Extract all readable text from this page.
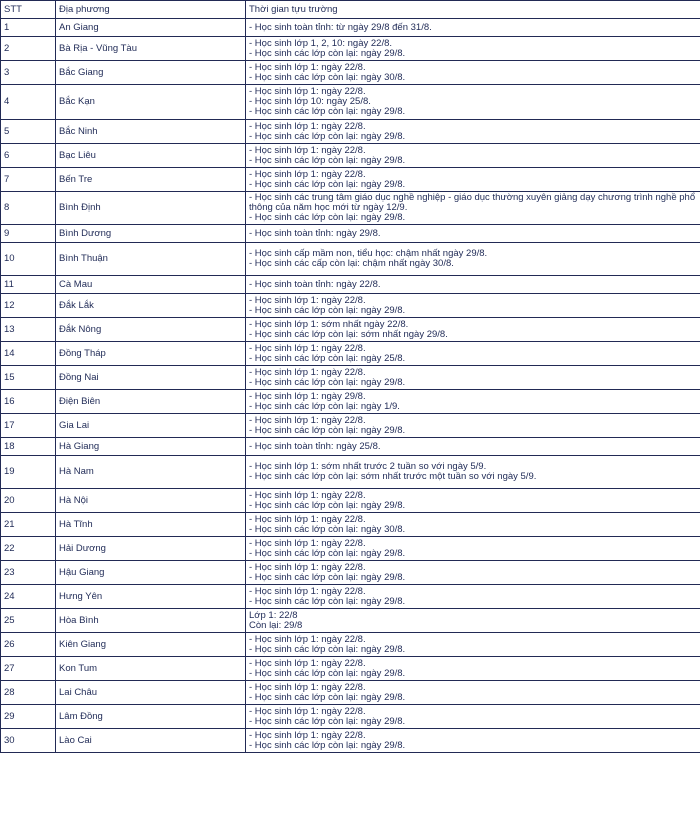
STT	Địa phương	Thời gian tựu trường
1	An Giang	- Học sinh toàn tỉnh: từ ngày 29/8 đến 31/8.
2	Bà Rịa - Vũng Tàu	- Học sinh lớp 1, 2, 10: ngày 22/8.
- Học sinh các lớp còn lại: ngày 29/8.
3	Bắc Giang	- Học sinh lớp 1: ngày 22/8.
- Học sinh các lớp còn lại: ngày 30/8.
4	Bắc Kạn	- Học sinh lớp 1: ngày 22/8.
- Học sinh lớp 10: ngày 25/8.
- Học sinh các lớp còn lại: ngày 29/8.
5	Bắc Ninh	- Học sinh lớp 1: ngày 22/8.
- Học sinh các lớp còn lại: ngày 29/8.
6	Bạc Liêu	- Học sinh lớp 1: ngày 22/8.
- Học sinh các lớp còn lại: ngày 29/8.
7	Bến Tre	- Học sinh lớp 1: ngày 22/8.
- Học sinh các lớp còn lại: ngày 29/8.
8	Bình Định	- Học sinh các trung tâm giáo dục nghề nghiệp - giáo dục thường xuyên giảng dạy chương trình nghề phổ thông của năm học mới từ ngày 12/9.
- Học sinh các lớp còn lại: ngày 29/8.
9	Bình Dương	- Học sinh toàn tỉnh: ngày 29/8.
10	Bình Thuận	- Học sinh cấp mầm non, tiểu học: chậm nhất ngày 29/8.
- Học sinh các cấp còn lại: chậm nhất ngày 30/8.
11	Cà Mau	- Học sinh toàn tỉnh: ngày 22/8.
12	Đắk Lắk	- Học sinh lớp 1: ngày 22/8.
- Học sinh các lớp còn lại: ngày 29/8.
13	Đắk Nông	- Học sinh lớp 1: sớm nhất ngày 22/8.
- Học sinh các lớp còn lại: sớm nhất ngày 29/8.
14	Đồng Tháp	- Học sinh lớp 1: ngày 22/8.
- Học sinh các lớp còn lại: ngày 25/8.
15	Đồng Nai	- Học sinh lớp 1: ngày 22/8.
- Học sinh các lớp còn lại: ngày 29/8.
16	Điện Biên	- Học sinh lớp 1: ngày 29/8.
- Học sinh các lớp còn lại: ngày 1/9.
17	Gia Lai	- Học sinh lớp 1: ngày 22/8.
- Học sinh các lớp còn lại: ngày 29/8.
18	Hà Giang	- Học sinh toàn tỉnh: ngày 25/8.
19	Hà Nam	- Học sinh lớp 1: sớm nhất trước 2 tuần so với ngày 5/9.
- Học sinh các lớp còn lại: sớm nhất trước một tuần so với ngày 5/9.
20	Hà Nội	- Học sinh lớp 1: ngày 22/8.
- Học sinh các lớp còn lại: ngày 29/8.
21	Hà Tĩnh	- Học sinh lớp 1: ngày 22/8.
- Học sinh các lớp còn lại: ngày 30/8.
22	Hải Dương	- Học sinh lớp 1: ngày 22/8.
- Học sinh các lớp còn lại: ngày 29/8.
23	Hậu Giang	- Học sinh lớp 1: ngày 22/8.
- Học sinh các lớp còn lại: ngày 29/8.
24	Hưng Yên	- Học sinh lớp 1: ngày 22/8.
- Học sinh các lớp còn lại: ngày 29/8.
25	Hòa Bình	Lớp 1: 22/8
Còn lại: 29/8
26	Kiên Giang	- Học sinh lớp 1: ngày 22/8.
- Học sinh các lớp còn lại: ngày 29/8.
27	Kon Tum	- Học sinh lớp 1: ngày 22/8.
- Học sinh các lớp còn lại: ngày 29/8.
28	Lai Châu	- Học sinh lớp 1: ngày 22/8.
- Học sinh các lớp còn lại: ngày 29/8.
29	Lâm Đồng	- Học sinh lớp 1: ngày 22/8.
- Học sinh các lớp còn lại: ngày 29/8.
30	Lào Cai	- Học sinh lớp 1: ngày 22/8.
- Học sinh các lớp còn lại: ngày 29/8.
